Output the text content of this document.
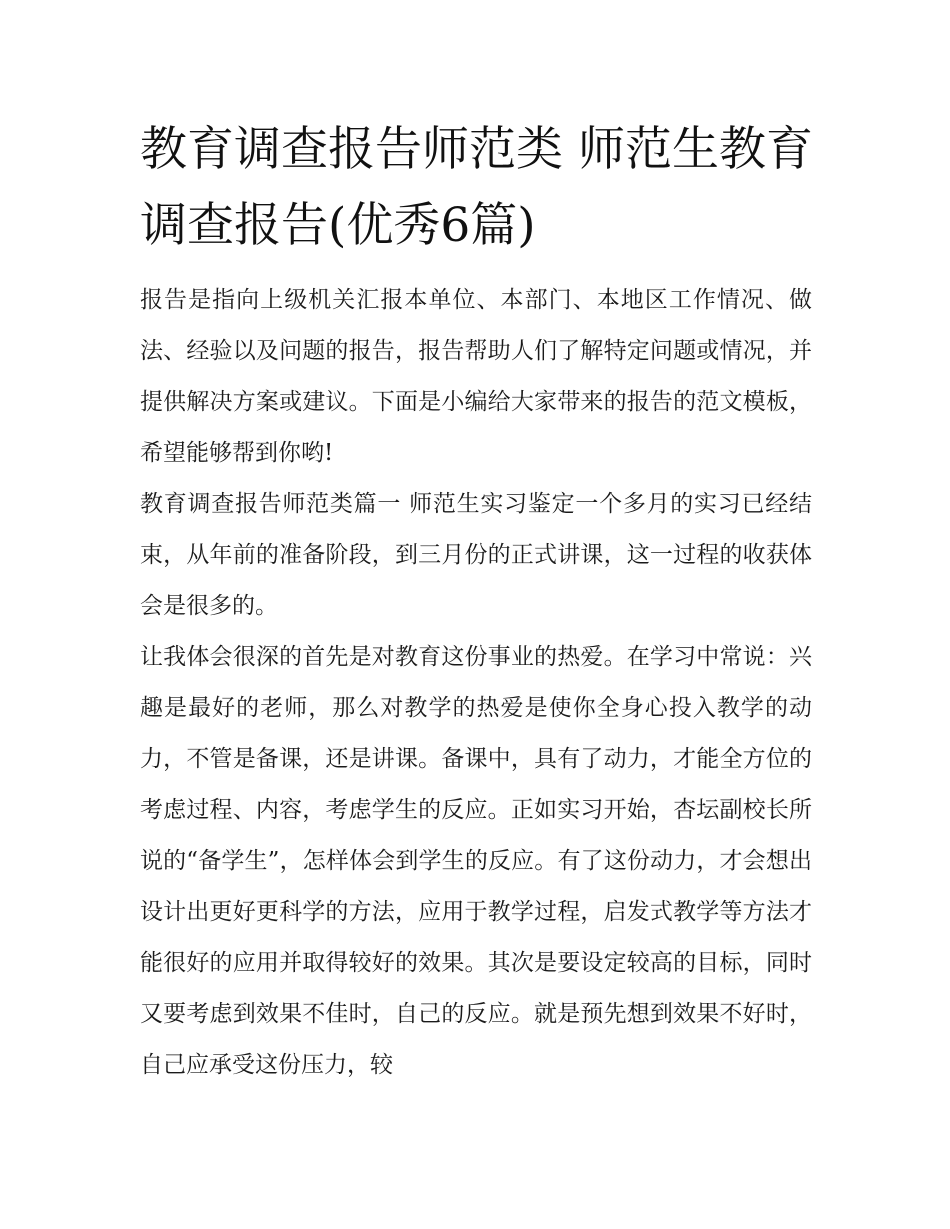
教育调查报告师范类 师范生教育调查报告(优秀6篇)

报告是指向上级机关汇报本单位、本部门、本地区工作情况、做法、经验以及问题的报告，报告帮助人们了解特定问题或情况，并提供解决方案或建议。下面是小编给大家带来的报告的范文模板，希望能够帮到你哟!

教育调查报告师范类篇一 师范生实习鉴定一个多月的实习已经结束，从年前的准备阶段，到三月份的正式讲课，这一过程的收获体会是很多的。

让我体会很深的首先是对教育这份事业的热爱。在学习中常说：兴趣是最好的老师，那么对教学的热爱是使你全身心投入教学的动力，不管是备课，还是讲课。备课中，具有了动力，才能全方位的考虑过程、内容，考虑学生的反应。正如实习开始，杏坛副校长所说的“备学生”，怎样体会到学生的反应。有了这份动力，才会想出设计出更好更科学的方法，应用于教学过程，启发式教学等方法才能很好的应用并取得较好的效果。其次是要设定较高的目标，同时又要考虑到效果不佳时，自己的反应。就是预先想到效果不好时，自己应承受这份压力，较
